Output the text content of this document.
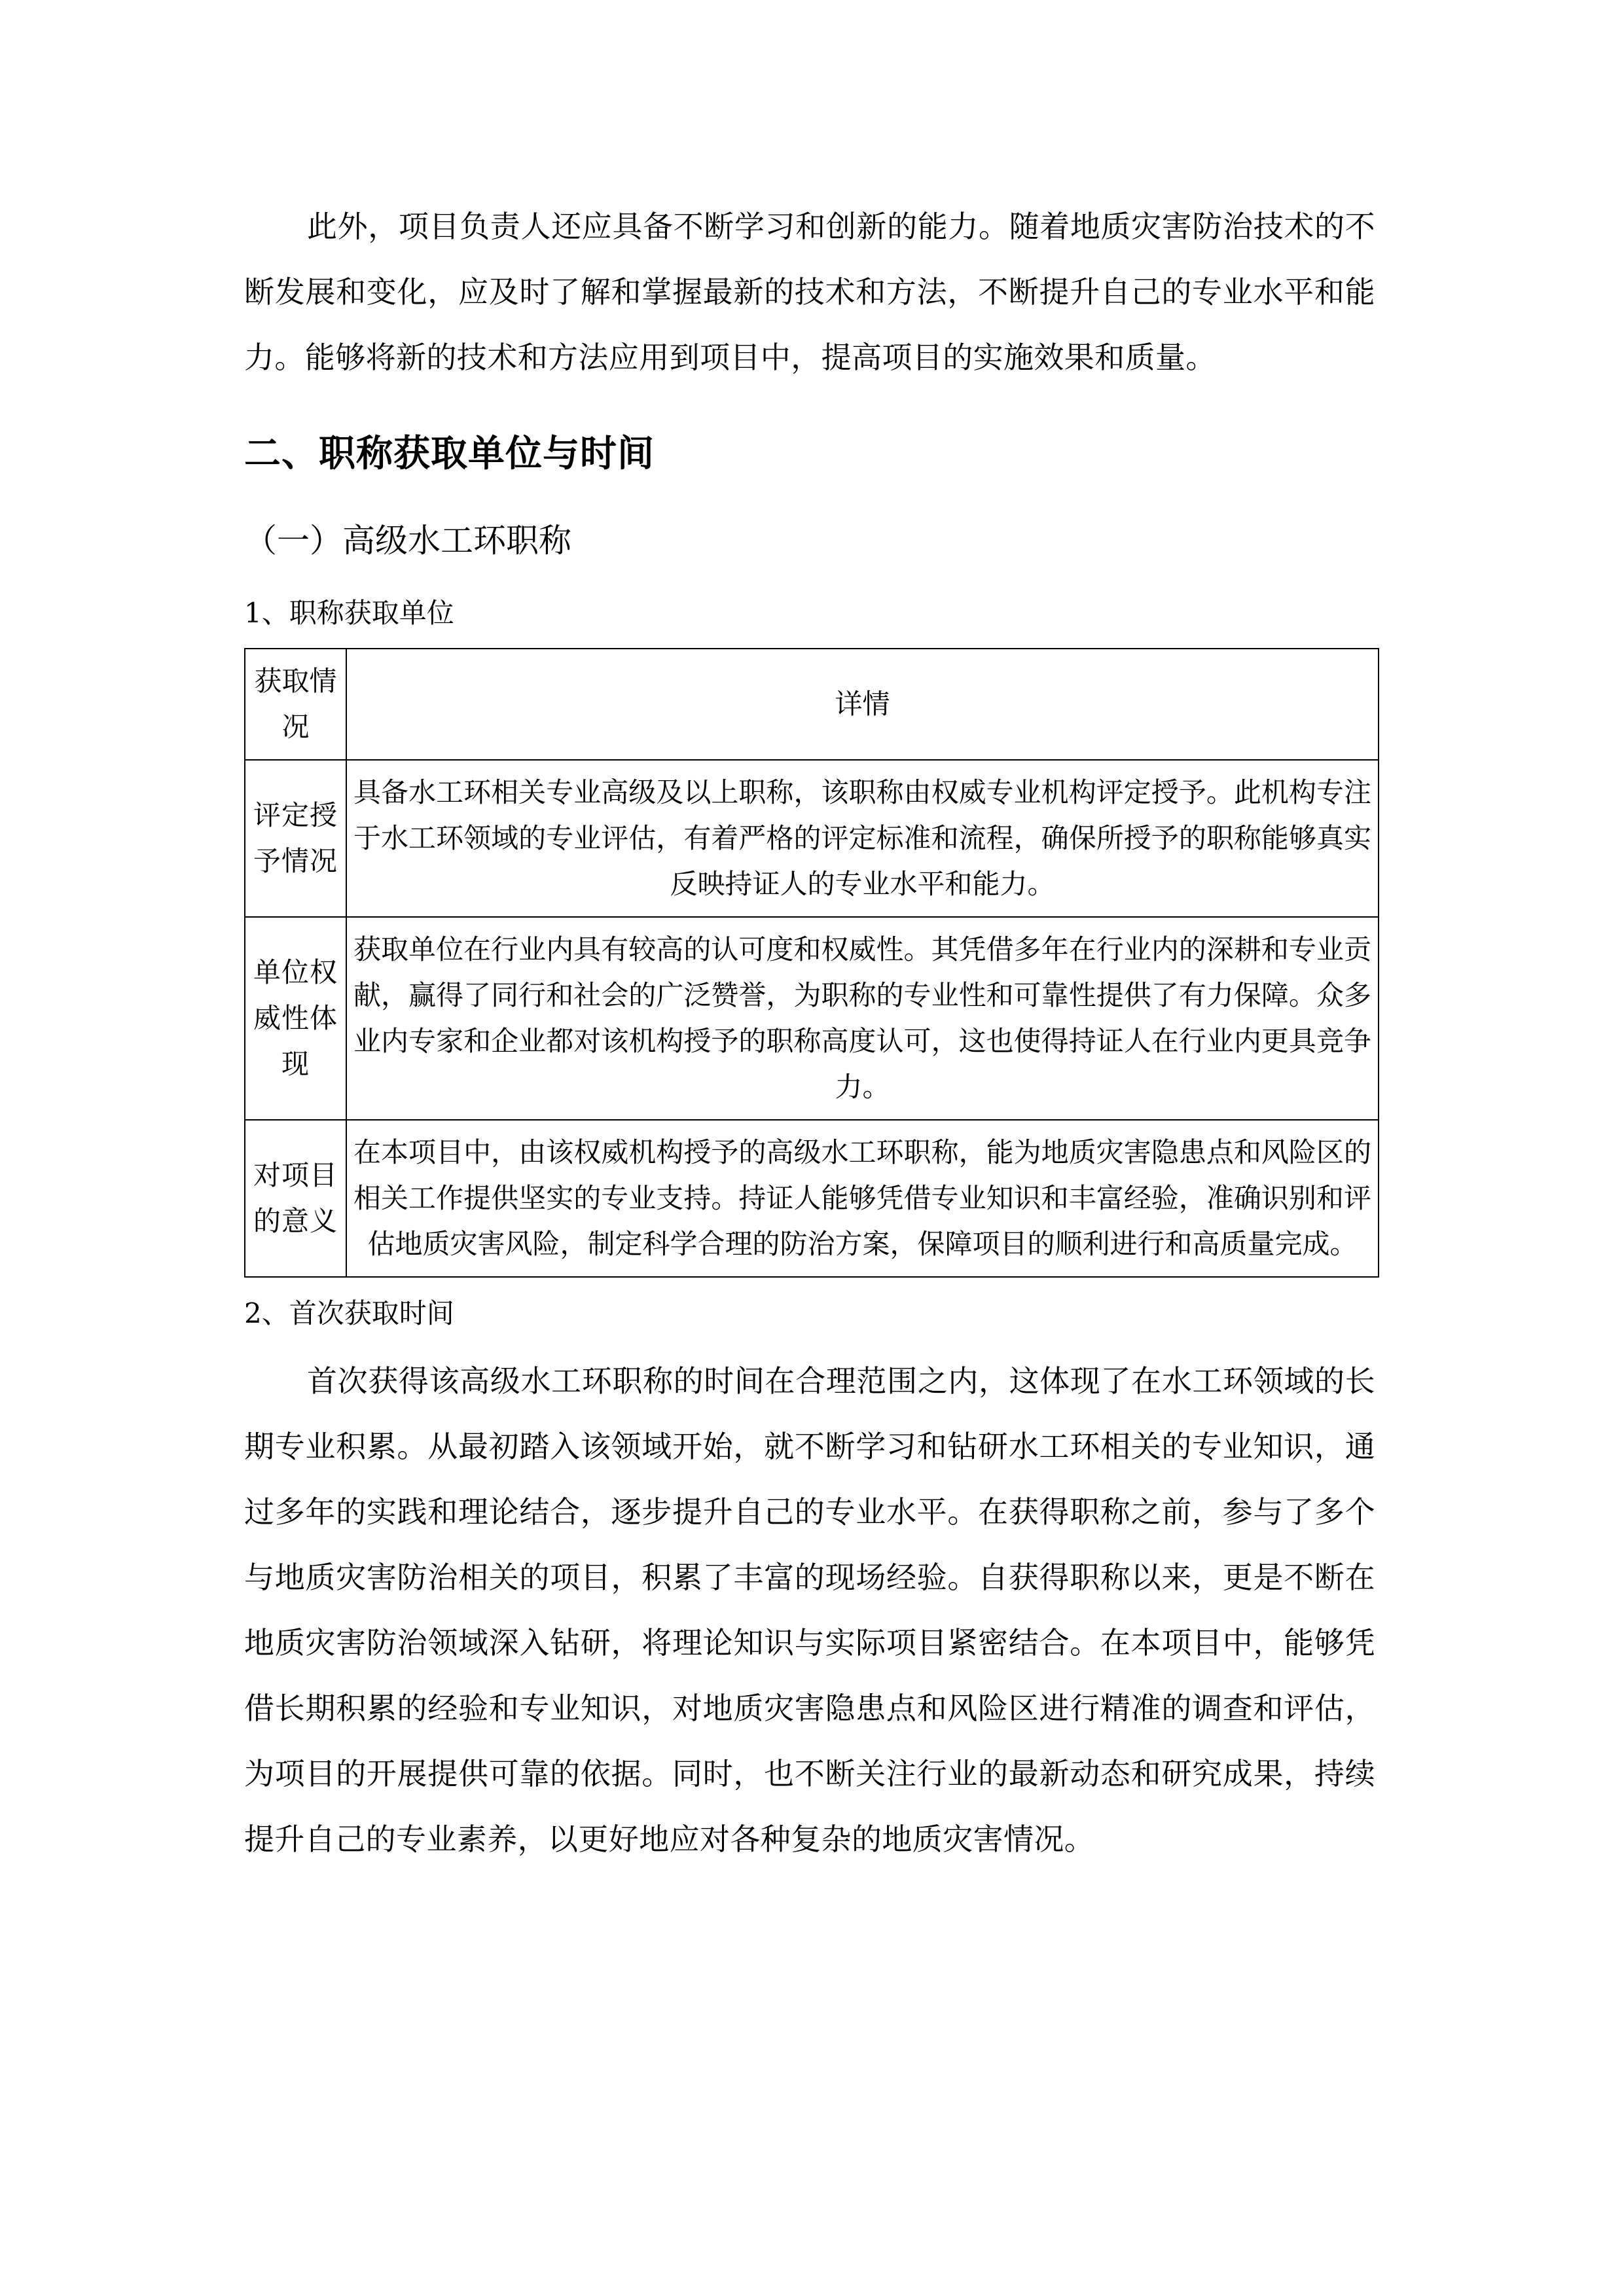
此外，项目负责人还应具备不断学习和创新的能力。随着地质灾害防治技术的不断发展和变化，应及时了解和掌握最新的技术和方法，不断提升自己的专业水平和能力。能够将新的技术和方法应用到项目中，提高项目的实施效果和质量。

二、职称获取单位与时间
（一）高级水工环职称
1、职称获取单位
获取情况	详情
评定授予情况	具备水工环相关专业高级及以上职称，该职称由权威专业机构评定授予。此机构专注于水工环领域的专业评估，有着严格的评定标准和流程，确保所授予的职称能够真实反映持证人的专业水平和能力。
单位权威性体现	获取单位在行业内具有较高的认可度和权威性。其凭借多年在行业内的深耕和专业贡献，赢得了同行和社会的广泛赞誉，为职称的专业性和可靠性提供了有力保障。众多业内专家和企业都对该机构授予的职称高度认可，这也使得持证人在行业内更具竞争力。
对项目的意义	在本项目中，由该权威机构授予的高级水工环职称，能为地质灾害隐患点和风险区的相关工作提供坚实的专业支持。持证人能够凭借专业知识和丰富经验，准确识别和评估地质灾害风险，制定科学合理的防治方案，保障项目的顺利进行和高质量完成。
2、首次获取时间

首次获得该高级水工环职称的时间在合理范围之内，这体现了在水工环领域的长期专业积累。从最初踏入该领域开始，就不断学习和钻研水工环相关的专业知识，通过多年的实践和理论结合，逐步提升自己的专业水平。在获得职称之前，参与了多个与地质灾害防治相关的项目，积累了丰富的现场经验。自获得职称以来，更是不断在地质灾害防治领域深入钻研，将理论知识与实际项目紧密结合。在本项目中，能够凭借长期积累的经验和专业知识，对地质灾害隐患点和风险区进行精准的调查和评估，为项目的开展提供可靠的依据。同时，也不断关注行业的最新动态和研究成果，持续提升自己的专业素养，以更好地应对各种复杂的地质灾害情况。
